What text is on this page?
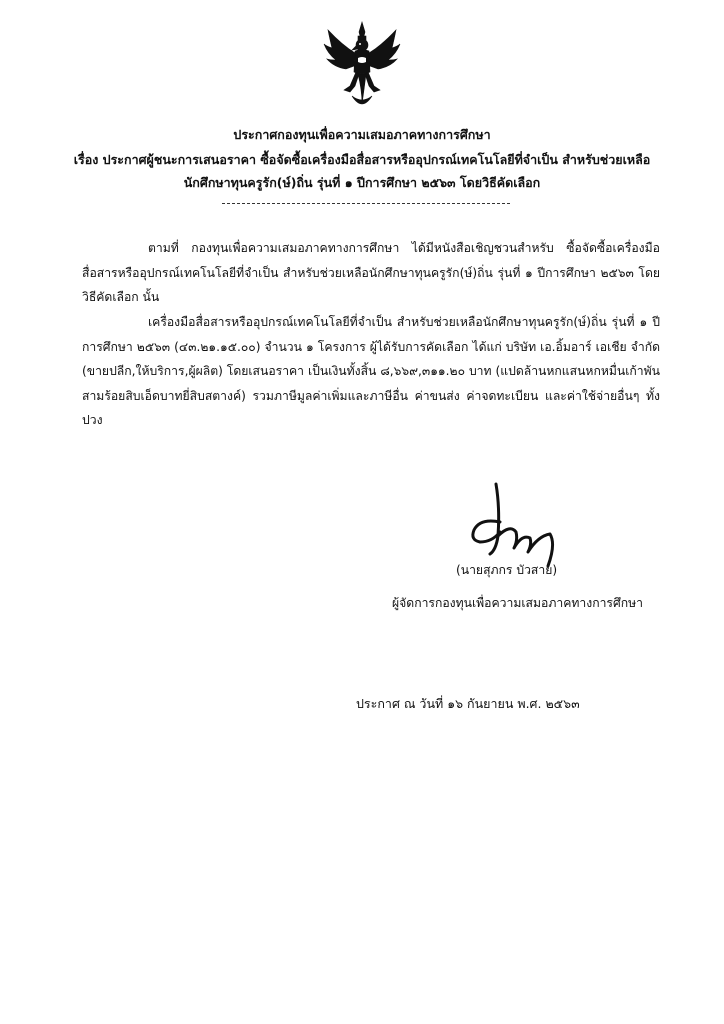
ประกาศกองทุนเพื่อความเสมอภาคทางการศึกษา
เรื่อง ประกาศผู้ชนะการเสนอราคา ซื้อจัดซื้อเครื่องมือสื่อสารหรืออุปกรณ์เทคโนโลยีที่จำเป็น สำหรับช่วยเหลือ
นักศึกษาทุนครูรัก(ษ์)ถิ่น รุ่นที่ ๑ ปีการศึกษา ๒๕๖๓ โดยวิธีคัดเลือก
ตามที่ กองทุนเพื่อความเสมอภาคทางการศึกษา ได้มีหนังสือเชิญชวนสำหรับ ซื้อจัดซื้อเครื่องมือสื่อสารหรืออุปกรณ์เทคโนโลยีที่จำเป็น สำหรับช่วยเหลือนักศึกษาทุนครูรัก(ษ์)ถิ่น รุ่นที่ ๑ ปีการศึกษา ๒๕๖๓ โดยวิธีคัดเลือก นั้น
เครื่องมือสื่อสารหรืออุปกรณ์เทคโนโลยีที่จำเป็น สำหรับช่วยเหลือนักศึกษาทุนครูรัก(ษ์)ถิ่น รุ่นที่ ๑ ปีการศึกษา ๒๕๖๓ (๔๓.๒๑.๑๕.๐๐) จำนวน ๑ โครงการ ผู้ได้รับการคัดเลือก ได้แก่ บริษัท เอ.อิ้มอาร์ เอเชีย จำกัด (ขายปลีก,ให้บริการ,ผู้ผลิต) โดยเสนอราคา เป็นเงินทั้งสิ้น ๘,๖๖๙,๓๑๑.๒๐ บาท (แปดล้านหกแสนหกหมื่นเก้าพันสามร้อยสิบเอ็ดบาทยี่สิบสตางค์) รวมภาษีมูลค่าเพิ่มและภาษีอื่น ค่าขนส่ง ค่าจดทะเบียน และค่าใช้จ่ายอื่นๆ ทั้งปวง
ประกาศ ณ วันที่ ๑๖ กันยายน พ.ศ. ๒๕๖๓
(นายสุภกร บัวสาย)
ผู้จัดการกองทุนเพื่อความเสมอภาคทางการศึกษา
